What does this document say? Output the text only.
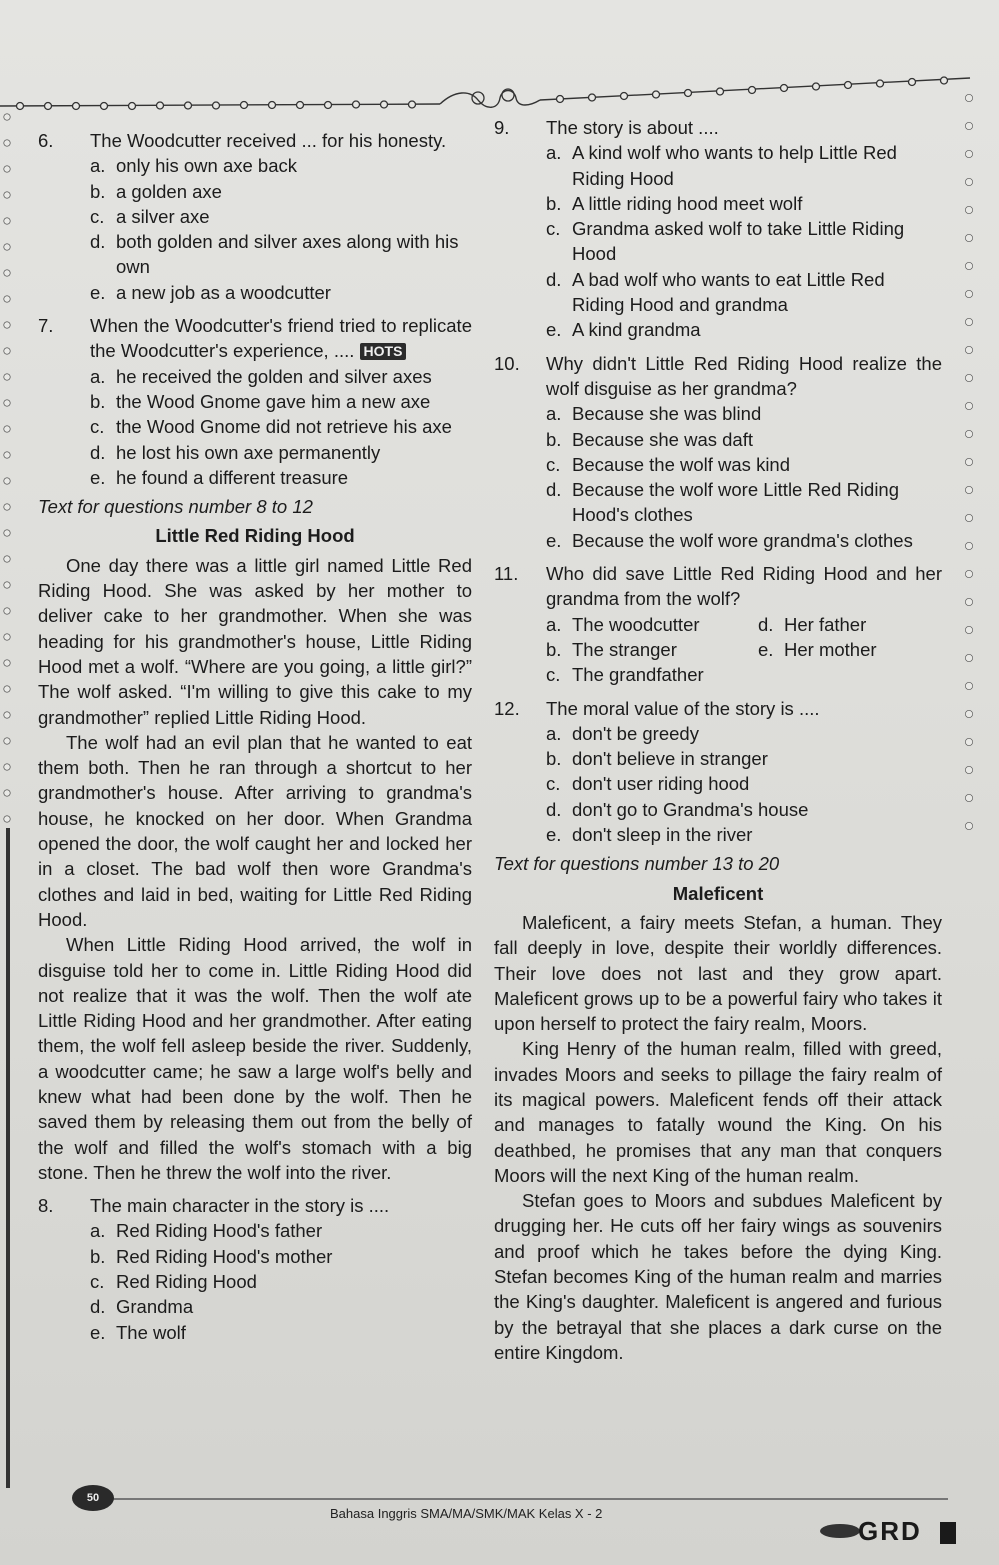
6.	The Woodcutter received ... for his honesty.
a. only his own axe back
b. a golden axe
c. a silver axe
d. both golden and silver axes along with his own
e. a new job as a woodcutter
7.	When the Woodcutter's friend tried to replicate the Woodcutter's experience, .... HOTS
a. he received the golden and silver axes
b. the Wood Gnome gave him a new axe
c. the Wood Gnome did not retrieve his axe
d. he lost his own axe permanently
e. he found a different treasure
Text for questions number 8 to 12
Little Red Riding Hood

One day there was a little girl named Little Red Riding Hood. She was asked by her mother to deliver cake to her grandmother. When she was heading for his grandmother's house, Little Riding Hood met a wolf. “Where are you going, a little girl?” The wolf asked. “I'm willing to give this cake to my grandmother” replied Little Riding Hood.

The wolf had an evil plan that he wanted to eat them both. Then he ran through a shortcut to her grandmother's house. After arriving to grandma's house, he knocked on her door. When Grandma opened the door, the wolf caught her and locked her in a closet. The bad wolf then wore Grandma's clothes and laid in bed, waiting for Little Red Riding Hood.

When Little Riding Hood arrived, the wolf in disguise told her to come in. Little Riding Hood did not realize that it was the wolf. Then the wolf ate Little Riding Hood and her grandmother. After eating them, the wolf fell asleep beside the river. Suddenly, a woodcutter came; he saw a large wolf's belly and knew what had been done by the wolf. Then he saved them by releasing them out from the belly of the wolf and filled the wolf's stomach with a big stone. Then he threw the wolf into the river.

8.	The main character in the story is ....
a. Red Riding Hood's father
b. Red Riding Hood's mother
c. Red Riding Hood
d. Grandma
e. The wolf
9.	The story is about ....
a. A kind wolf who wants to help Little Red Riding Hood
b. A little riding hood meet wolf
c. Grandma asked wolf to take Little Riding Hood
d. A bad wolf who wants to eat Little Red Riding Hood and grandma
e. A kind grandma
10.	Why didn't Little Red Riding Hood realize the wolf disguise as her grandma?
a. Because she was blind
b. Because she was daft
c. Because the wolf was kind
d. Because the wolf wore Little Red Riding Hood's clothes
e. Because the wolf wore grandma's clothes
11.	Who did save Little Red Riding Hood and her grandma from the wolf?
a. The woodcutter	d. Her father
b. The stranger	e. Her mother
c. The grandfather
12.	The moral value of the story is ....
a. don't be greedy
b. don't believe in stranger
c. don't user riding hood
d. don't go to Grandma's house
e. don't sleep in the river
Text for questions number 13 to 20
Maleficent

Maleficent, a fairy meets Stefan, a human. They fall deeply in love, despite their worldly differences. Their love does not last and they grow apart. Maleficent grows up to be a powerful fairy who takes it upon herself to protect the fairy realm, Moors.

King Henry of the human realm, filled with greed, invades Moors and seeks to pillage the fairy realm of its magical powers. Maleficent fends off their attack and manages to fatally wound the King. On his deathbed, he promises that any man that conquers Moors will the next King of the human realm.

Stefan goes to Moors and subdues Maleficent by drugging her. He cuts off her fairy wings as souvenirs and proof which he takes before the dying King. Stefan becomes King of the human realm and marries the King's daughter. Maleficent is angered and furious by the betrayal that she places a dark curse on the entire Kingdom.

50
Bahasa Inggris SMA/MA/SMK/MAK Kelas X - 2
GRD
